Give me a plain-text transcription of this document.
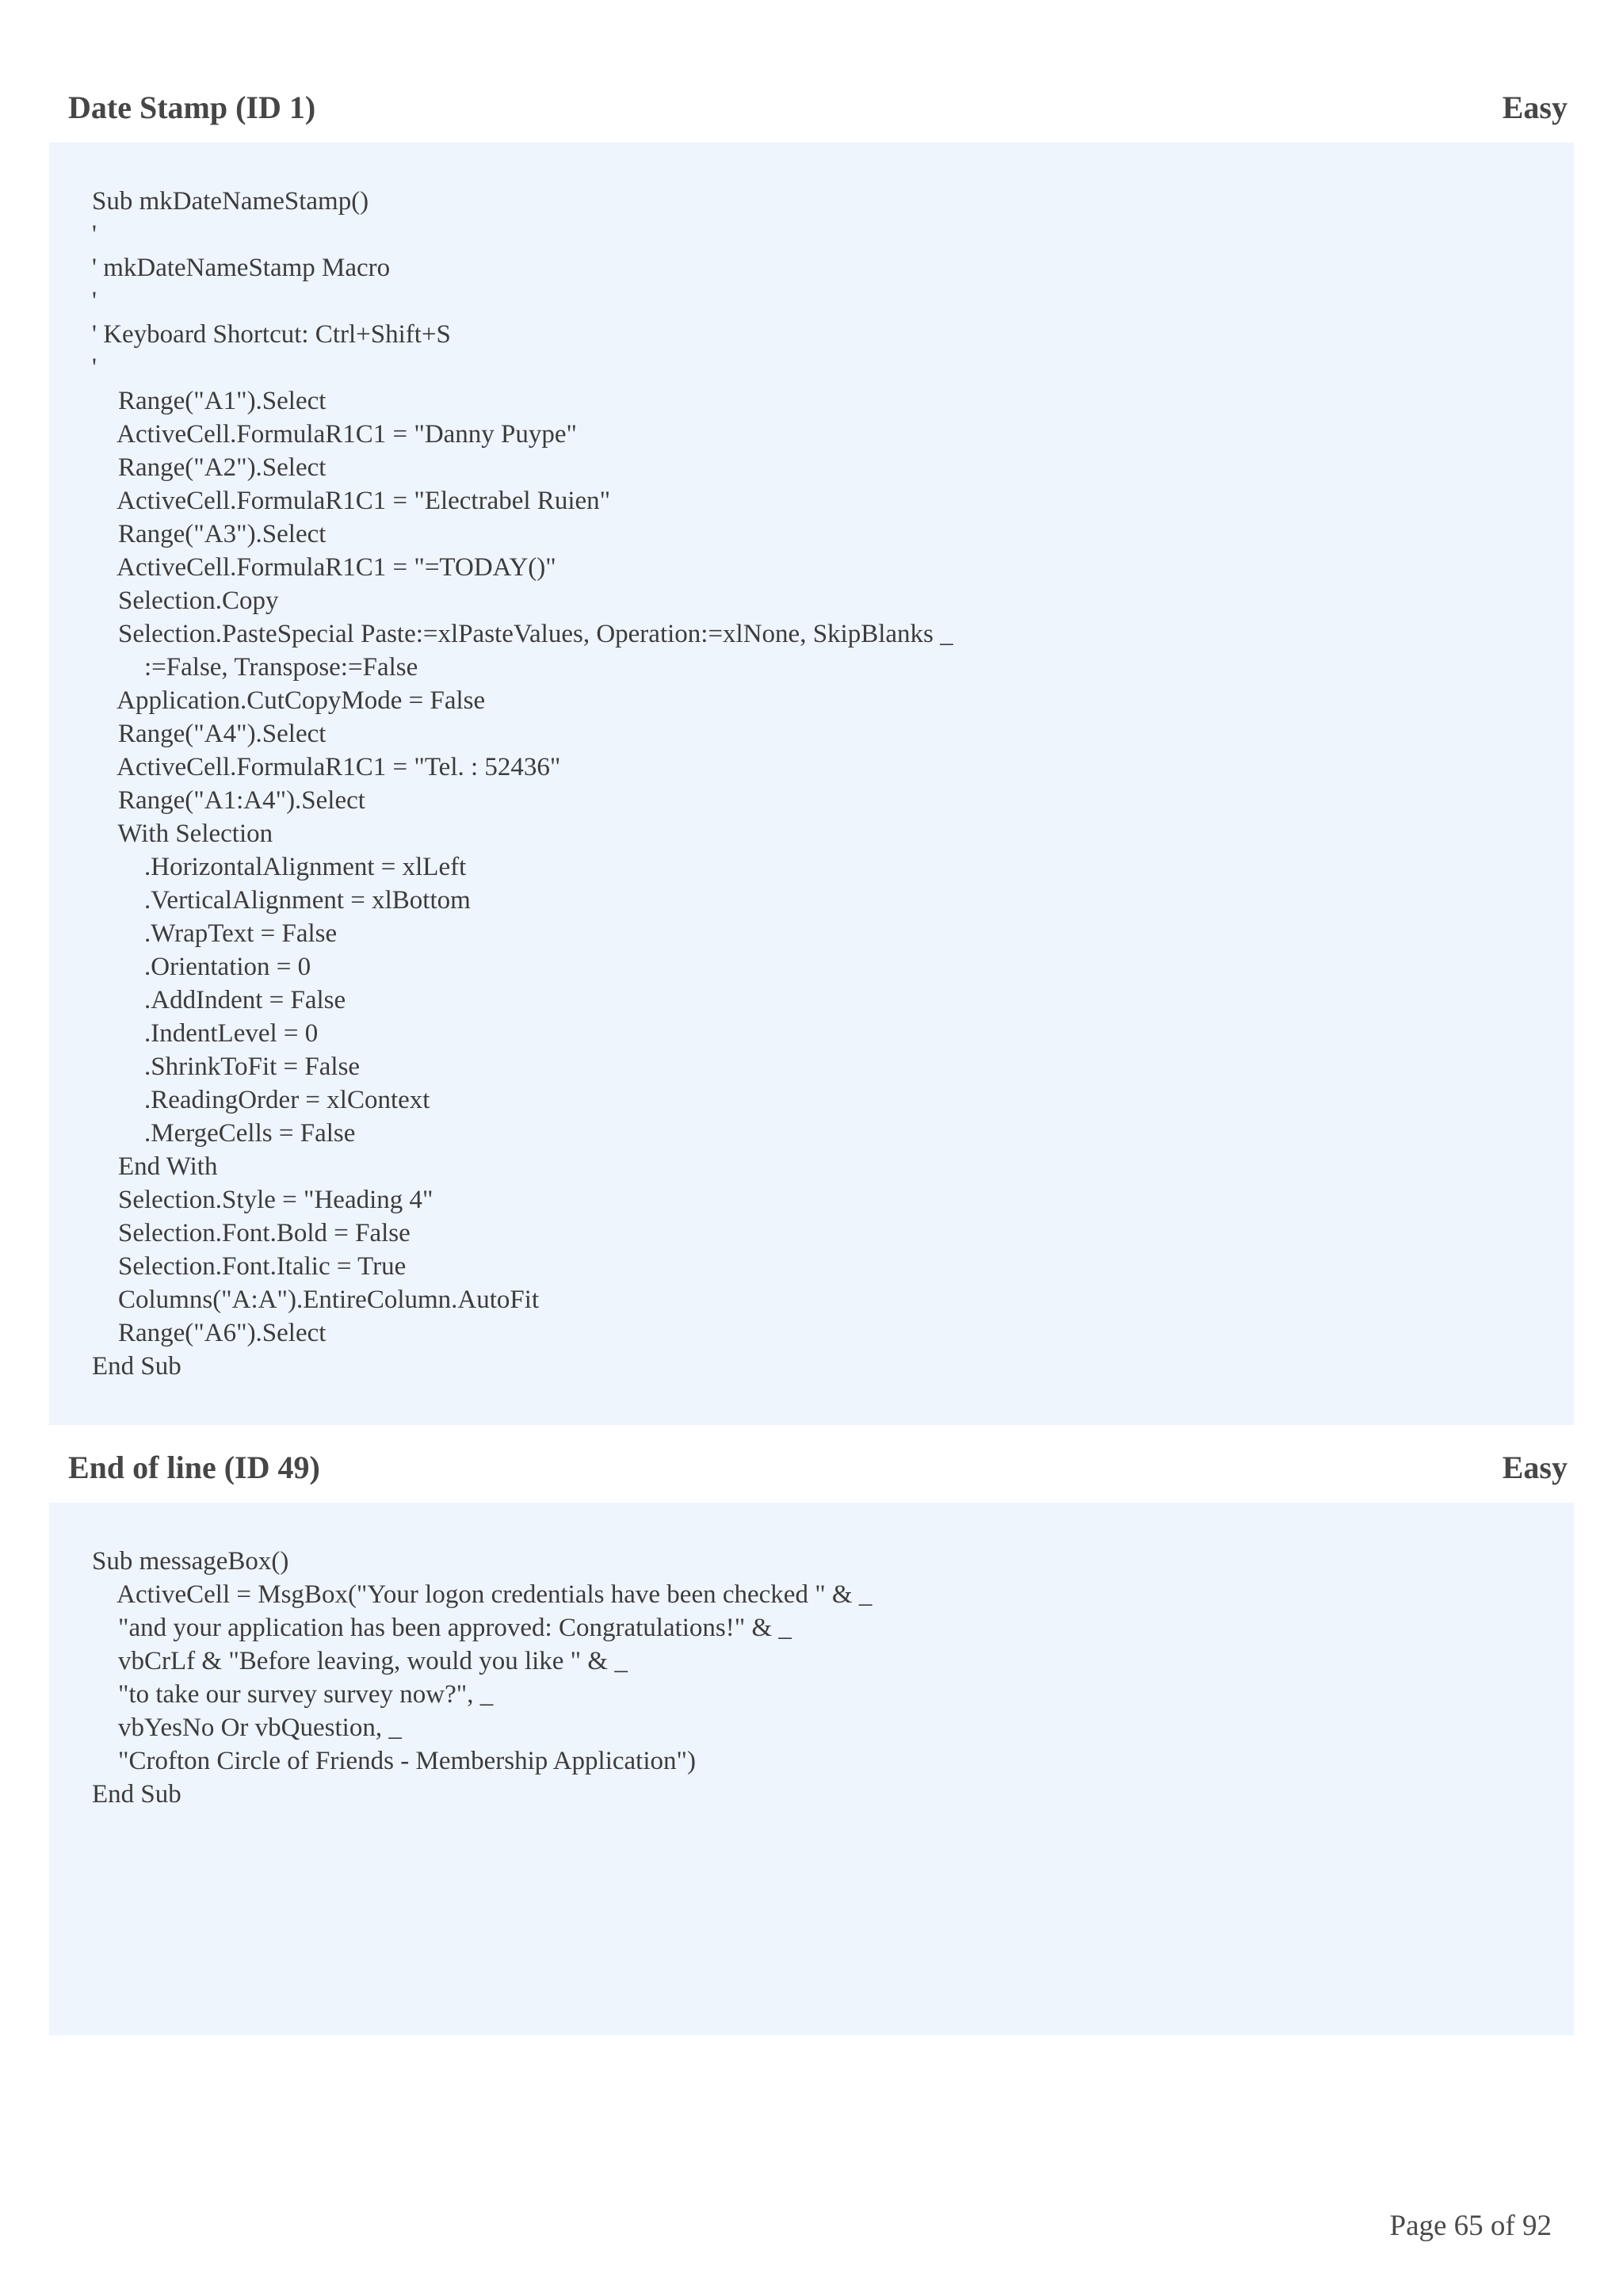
Date Stamp (ID 1)	Easy
Sub mkDateNameStamp()
'
' mkDateNameStamp Macro
'
' Keyboard Shortcut: Ctrl+Shift+S
'
Range("A1").Select
ActiveCell.FormulaR1C1 = "Danny Puype"
Range("A2").Select
ActiveCell.FormulaR1C1 = "Electrabel Ruien"
Range("A3").Select
ActiveCell.FormulaR1C1 = "=TODAY()"
Selection.Copy
Selection.PasteSpecial Paste:=xlPasteValues, Operation:=xlNone, SkipBlanks _
:=False, Transpose:=False
Application.CutCopyMode = False
Range("A4").Select
ActiveCell.FormulaR1C1 = "Tel. : 52436"
Range("A1:A4").Select
With Selection
.HorizontalAlignment = xlLeft
.VerticalAlignment = xlBottom
.WrapText = False
.Orientation = 0
.AddIndent = False
.IndentLevel = 0
.ShrinkToFit = False
.ReadingOrder = xlContext
.MergeCells = False
End With
Selection.Style = "Heading 4"
Selection.Font.Bold = False
Selection.Font.Italic = True
Columns("A:A").EntireColumn.AutoFit
Range("A6").Select
End Sub
End of line (ID 49)	Easy
Sub messageBox()
ActiveCell = MsgBox("Your logon credentials have been checked " & _
"and your application has been approved: Congratulations!" & _
vbCrLf & "Before leaving, would you like " & _
"to take our survey survey now?", _
vbYesNo Or vbQuestion, _
"Crofton Circle of Friends - Membership Application")
End Sub
Page 65 of 92
